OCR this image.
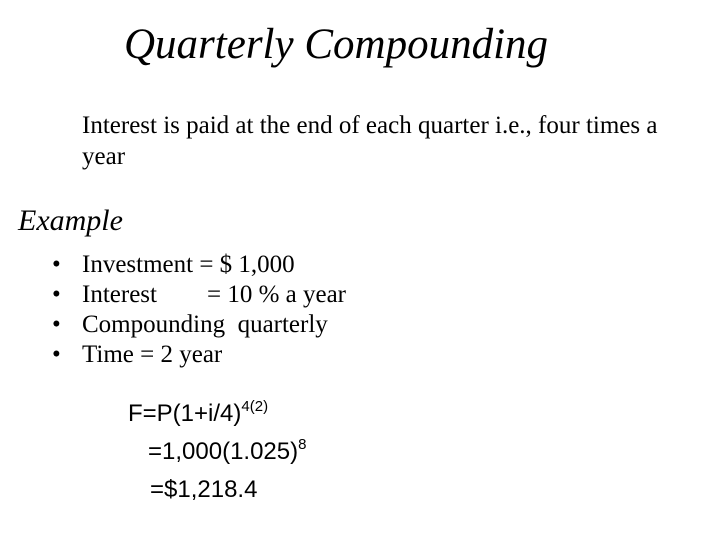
Quarterly Compounding
Interest is paid at the end of each quarter i.e., four times a year
Example
• Investment = $ 1,000
• Interest        = 10 % a year
• Compounding  quarterly
• Time = 2 year
$F=P(1+i/4)^{4(2)}$
$=1,000(1.025)^8$
=$1,218.4
